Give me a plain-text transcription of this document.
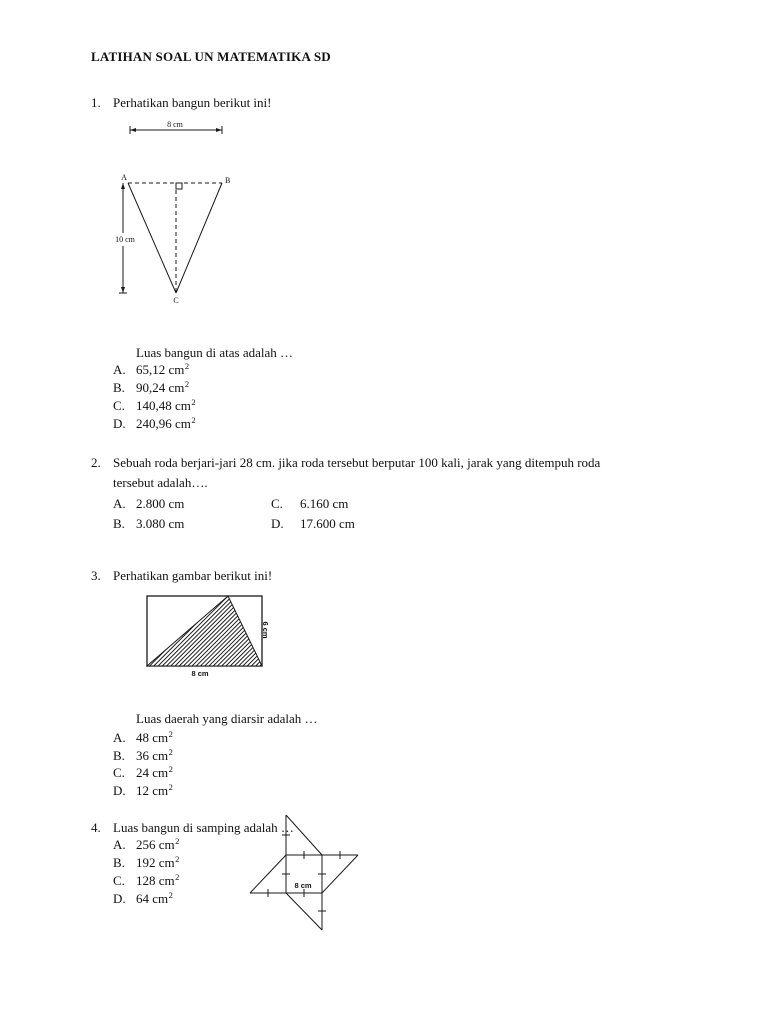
LATIHAN SOAL UN MATEMATIKA SD
1. Perhatikan bangun berikut ini!
8 cm
10 cm
A	B
C
Luas bangun di atas adalah …
A. 65,12 $cm^2$
B. 90,24 $cm^2$
C. 140,48 $cm^2$
D. 240,96 $cm^2$
2. Sebuah roda berjari-jari 28 cm. jika roda tersebut berputar 100 kali, jarak yang ditempuh roda
tersebut adalah….
A. 2.800 cm	C. 6.160 cm
B. 3.080 cm	D. 17.600 cm
3. Perhatikan gambar berikut ini!
6 cm
8 cm
Luas daerah yang diarsir adalah …
A. 48 $cm^2$
B. 36 $cm^2$
C. 24 $cm^2$
D. 12 $cm^2$
4. Luas bangun di samping adalah …
A. 256 $cm^2$
B. 192 $cm^2$
C. 128 $cm^2$
D. 64 $cm^2$
8 cm
